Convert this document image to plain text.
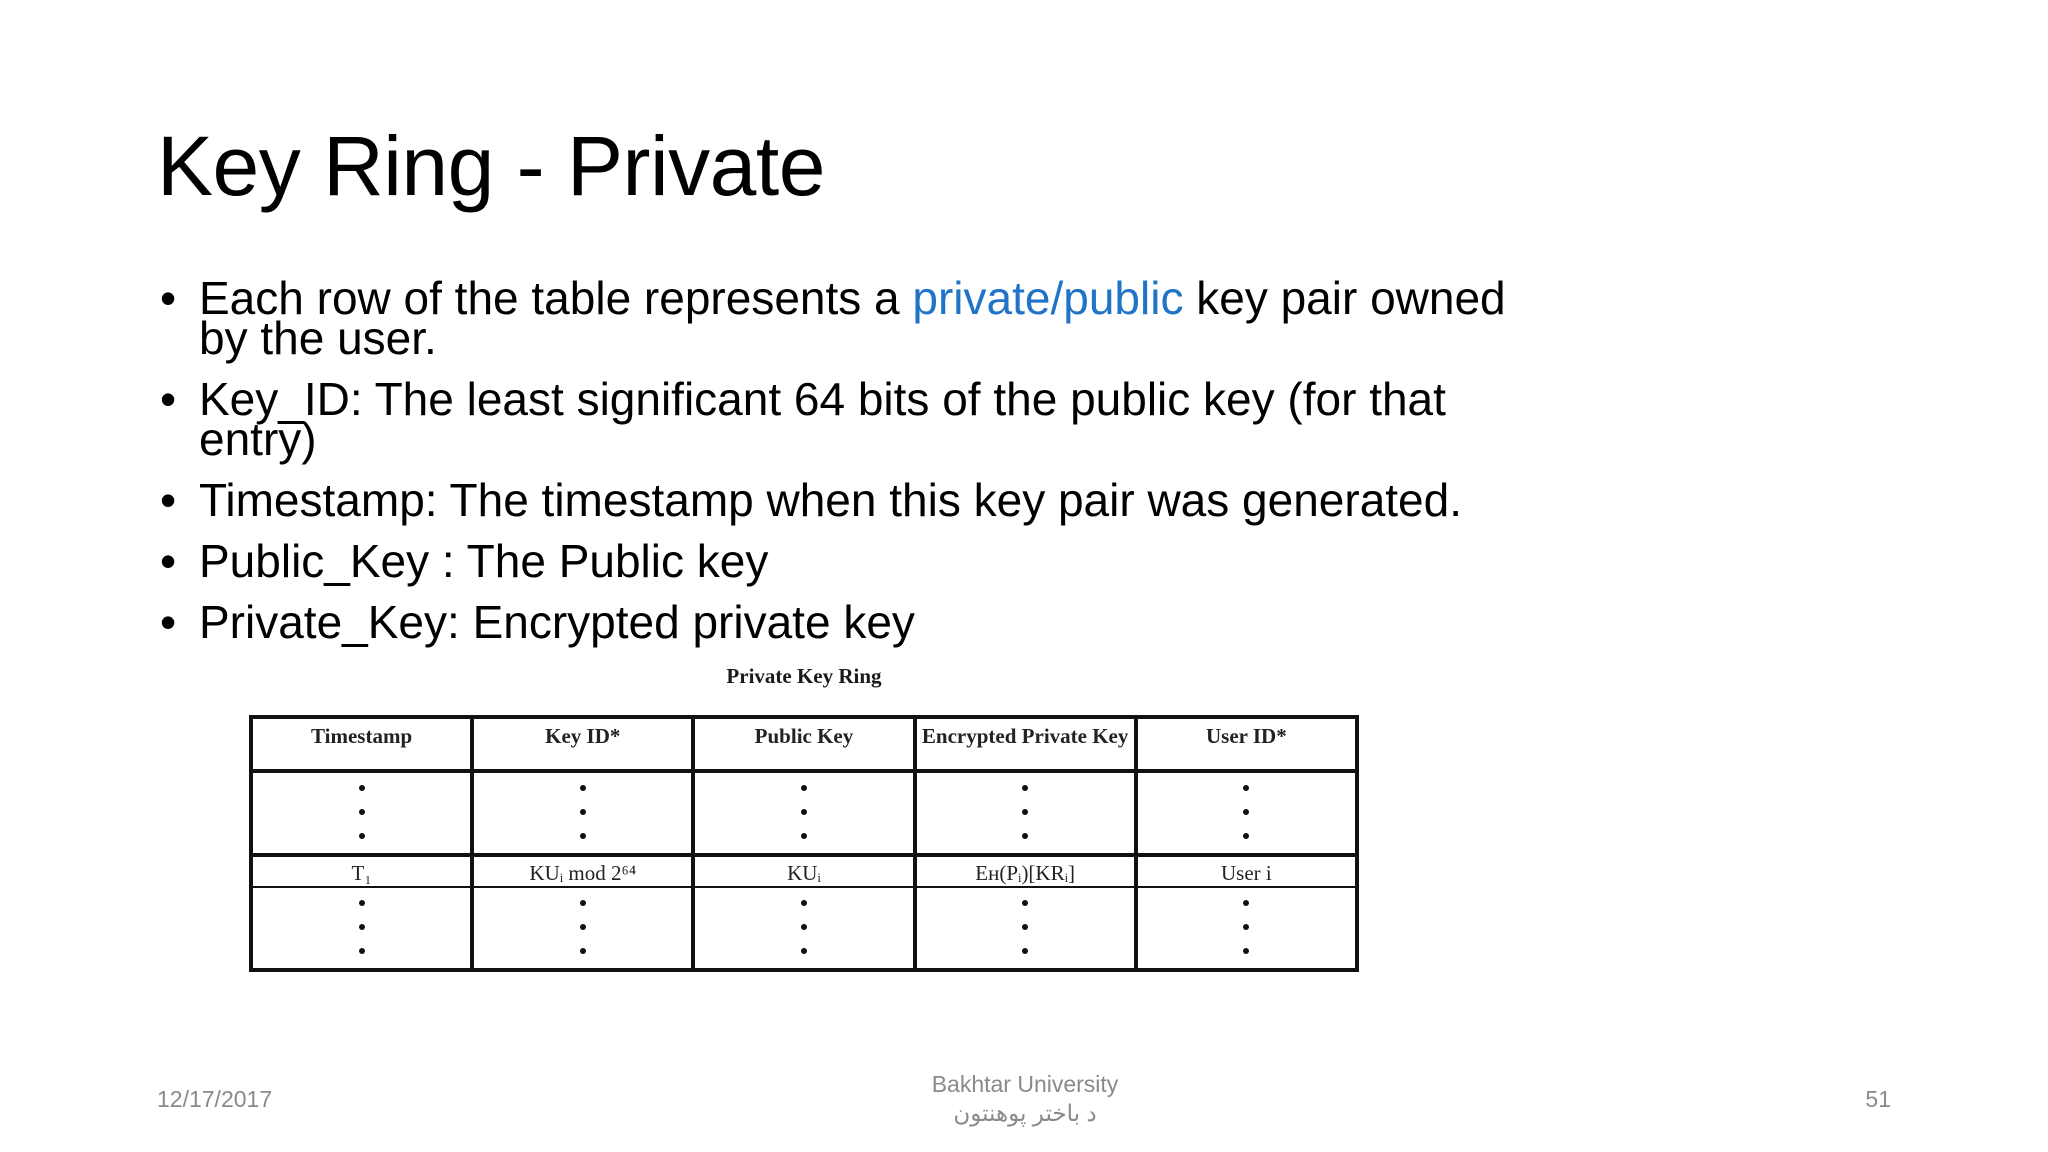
Key Ring - Private
• Each row of the table represents a private/public key pair owned by the user.
• Key_ID: The least significant 64 bits of the public key (for that entry)
• Timestamp: The timestamp when this key pair was generated.
• Public_Key : The Public key
• Private_Key: Encrypted private key
Private Key Ring
Timestamp	Key ID*	Public Key	Encrypted Private Key	User ID*

T₁	KUᵢ mod 2⁶⁴	KUᵢ	Eʜ(Pᵢ)[KRᵢ]	User i

12/17/2017
Bakhtar University
د باختر پوهنتون
51
